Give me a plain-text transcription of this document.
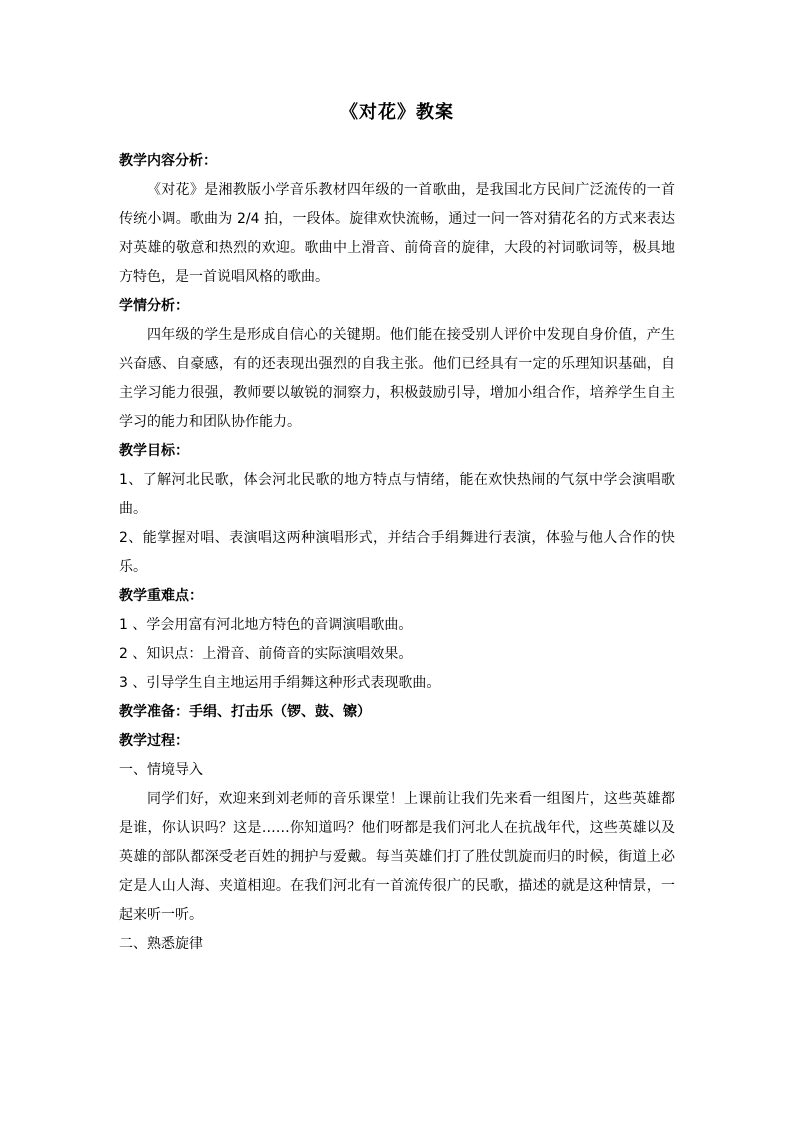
《对花》教案

教学内容分析：

《对花》是湘教版小学音乐教材四年级的一首歌曲，是我国北方民间广泛流传的一首传统小调。歌曲为 2/4 拍，一段体。旋律欢快流畅，通过一问一答对猜花名的方式来表达对英雄的敬意和热烈的欢迎。歌曲中上滑音、前倚音的旋律，大段的衬词歌词等，极具地方特色，是一首说唱风格的歌曲。

学情分析：

四年级的学生是形成自信心的关键期。他们能在接受别人评价中发现自身价值，产生兴奋感、自豪感，有的还表现出强烈的自我主张。他们已经具有一定的乐理知识基础，自主学习能力很强，教师要以敏锐的洞察力，积极鼓励引导，增加小组合作，培养学生自主学习的能力和团队协作能力。

教学目标：

1、了解河北民歌，体会河北民歌的地方特点与情绪，能在欢快热闹的气氛中学会演唱歌曲。

2、能掌握对唱、表演唱这两种演唱形式，并结合手绢舞进行表演，体验与他人合作的快乐。

教学重难点：

1 、学会用富有河北地方特色的音调演唱歌曲。

2 、知识点：上滑音、前倚音的实际演唱效果。

3 、引导学生自主地运用手绢舞这种形式表现歌曲。

教学准备：手绢、打击乐（锣、鼓、镲）

教学过程：

一、情境导入

同学们好，欢迎来到刘老师的音乐课堂！上课前让我们先来看一组图片，这些英雄都是谁，你认识吗？这是……你知道吗？他们呀都是我们河北人在抗战年代，这些英雄以及英雄的部队都深受老百姓的拥护与爱戴。每当英雄们打了胜仗凯旋而归的时候，街道上必定是人山人海、夹道相迎。在我们河北有一首流传很广的民歌，描述的就是这种情景，一起来听一听。

二、熟悉旋律
